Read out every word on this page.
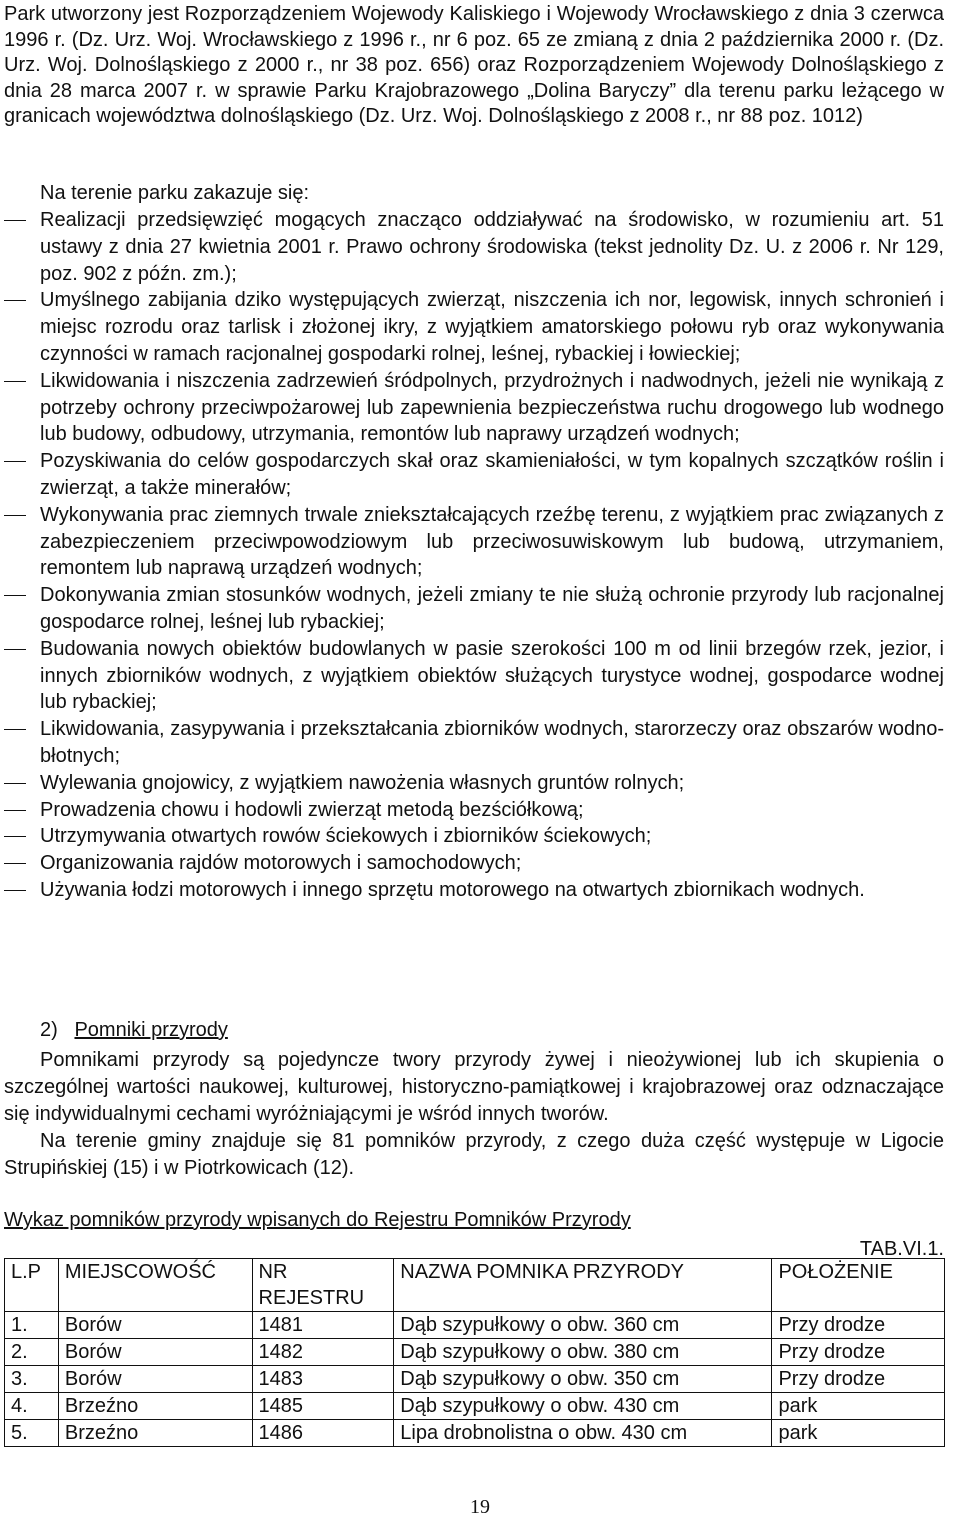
Park utworzony jest Rozporządzeniem Wojewody Kaliskiego i Wojewody Wrocławskiego z dnia 3 czerwca 1996 r. (Dz. Urz. Woj. Wrocławskiego z 1996 r., nr 6 poz. 65 ze zmianą z dnia 2 października 2000 r. (Dz. Urz. Woj. Dolnośląskiego z 2000 r., nr 38 poz. 656) oraz Rozporządzeniem Wojewody Dolnośląskiego z dnia 28 marca 2007 r. w sprawie Parku Krajobrazowego „Dolina Baryczy” dla terenu parku leżącego w granicach województwa dolnośląskiego (Dz. Urz. Woj. Dolnośląskiego z 2008 r., nr 88 poz. 1012)

Na terenie parku zakazuje się:

Realizacji przedsięwzięć mogących znacząco oddziaływać na środowisko, w rozumieniu art. 51 ustawy z dnia 27 kwietnia 2001 r. Prawo ochrony środowiska (tekst jednolity Dz. U. z 2006 r. Nr 129, poz. 902 z późn. zm.);
Umyślnego zabijania dziko występujących zwierząt, niszczenia ich nor, legowisk, innych schronień i miejsc rozrodu oraz tarlisk i złożonej ikry, z wyjątkiem amatorskiego połowu ryb oraz wykonywania czynności w ramach racjonalnej gospodarki rolnej, leśnej, rybackiej i łowieckiej;
Likwidowania i niszczenia zadrzewień śródpolnych, przydrożnych i nadwodnych, jeżeli nie wynikają z potrzeby ochrony przeciwpożarowej lub zapewnienia bezpieczeństwa ruchu drogowego lub wodnego lub budowy, odbudowy, utrzymania, remontów lub naprawy urządzeń wodnych;
Pozyskiwania do celów gospodarczych skał oraz skamieniałości, w tym kopalnych szczątków roślin i zwierząt, a także minerałów;
Wykonywania prac ziemnych trwale zniekształcających rzeźbę terenu, z wyjątkiem prac związanych z zabezpieczeniem przeciwpowodziowym lub przeciwosuwiskowym lub budową, utrzymaniem, remontem lub naprawą urządzeń wodnych;
Dokonywania zmian stosunków wodnych, jeżeli zmiany te nie służą ochronie przyrody lub racjonalnej gospodarce rolnej, leśnej lub rybackiej;
Budowania nowych obiektów budowlanych w pasie szerokości 100 m od linii brzegów rzek, jezior, i innych zbiorników wodnych, z wyjątkiem obiektów służących turystyce wodnej, gospodarce wodnej lub rybackiej;
Likwidowania, zasypywania i przekształcania zbiorników wodnych, starorzeczy oraz obszarów wodno-błotnych;
Wylewania gnojowicy, z wyjątkiem nawożenia własnych gruntów rolnych;
Prowadzenia chowu i hodowli zwierząt metodą bezściółkową;
Utrzymywania otwartych rowów ściekowych i zbiorników ściekowych;
Organizowania rajdów motorowych i samochodowych;
Używania łodzi motorowych i innego sprzętu motorowego na otwartych zbiornikach wodnych.

2) Pomniki przyrody

Pomnikami przyrody są pojedyncze twory przyrody żywej i nieożywionej lub ich skupienia o szczególnej wartości naukowej, kulturowej, historyczno-pamiątkowej i krajobrazowej oraz odznaczające się indywidualnymi cechami wyróżniającymi je wśród innych tworów.

Na terenie gminy znajduje się 81 pomników przyrody, z czego duża część występuje w Ligocie Strupińskiej (15) i w Piotrkowicach (12).

Wykaz pomników przyrody wpisanych do Rejestru Pomników Przyrody

TAB.VI.1.

L.P	MIEJSCOWOŚĆ	NR REJESTRU	NAZWA POMNIKA PRZYRODY	POŁOŻENIE
1.	Borów	1481	Dąb szypułkowy o obw. 360 cm	Przy drodze
2.	Borów	1482	Dąb szypułkowy o obw. 380 cm	Przy drodze
3.	Borów	1483	Dąb szypułkowy o obw. 350 cm	Przy drodze
4.	Brzeźno	1485	Dąb szypułkowy o obw. 430 cm	park
5.	Brzeźno	1486	Lipa drobnolistna o obw. 430 cm	park
19
